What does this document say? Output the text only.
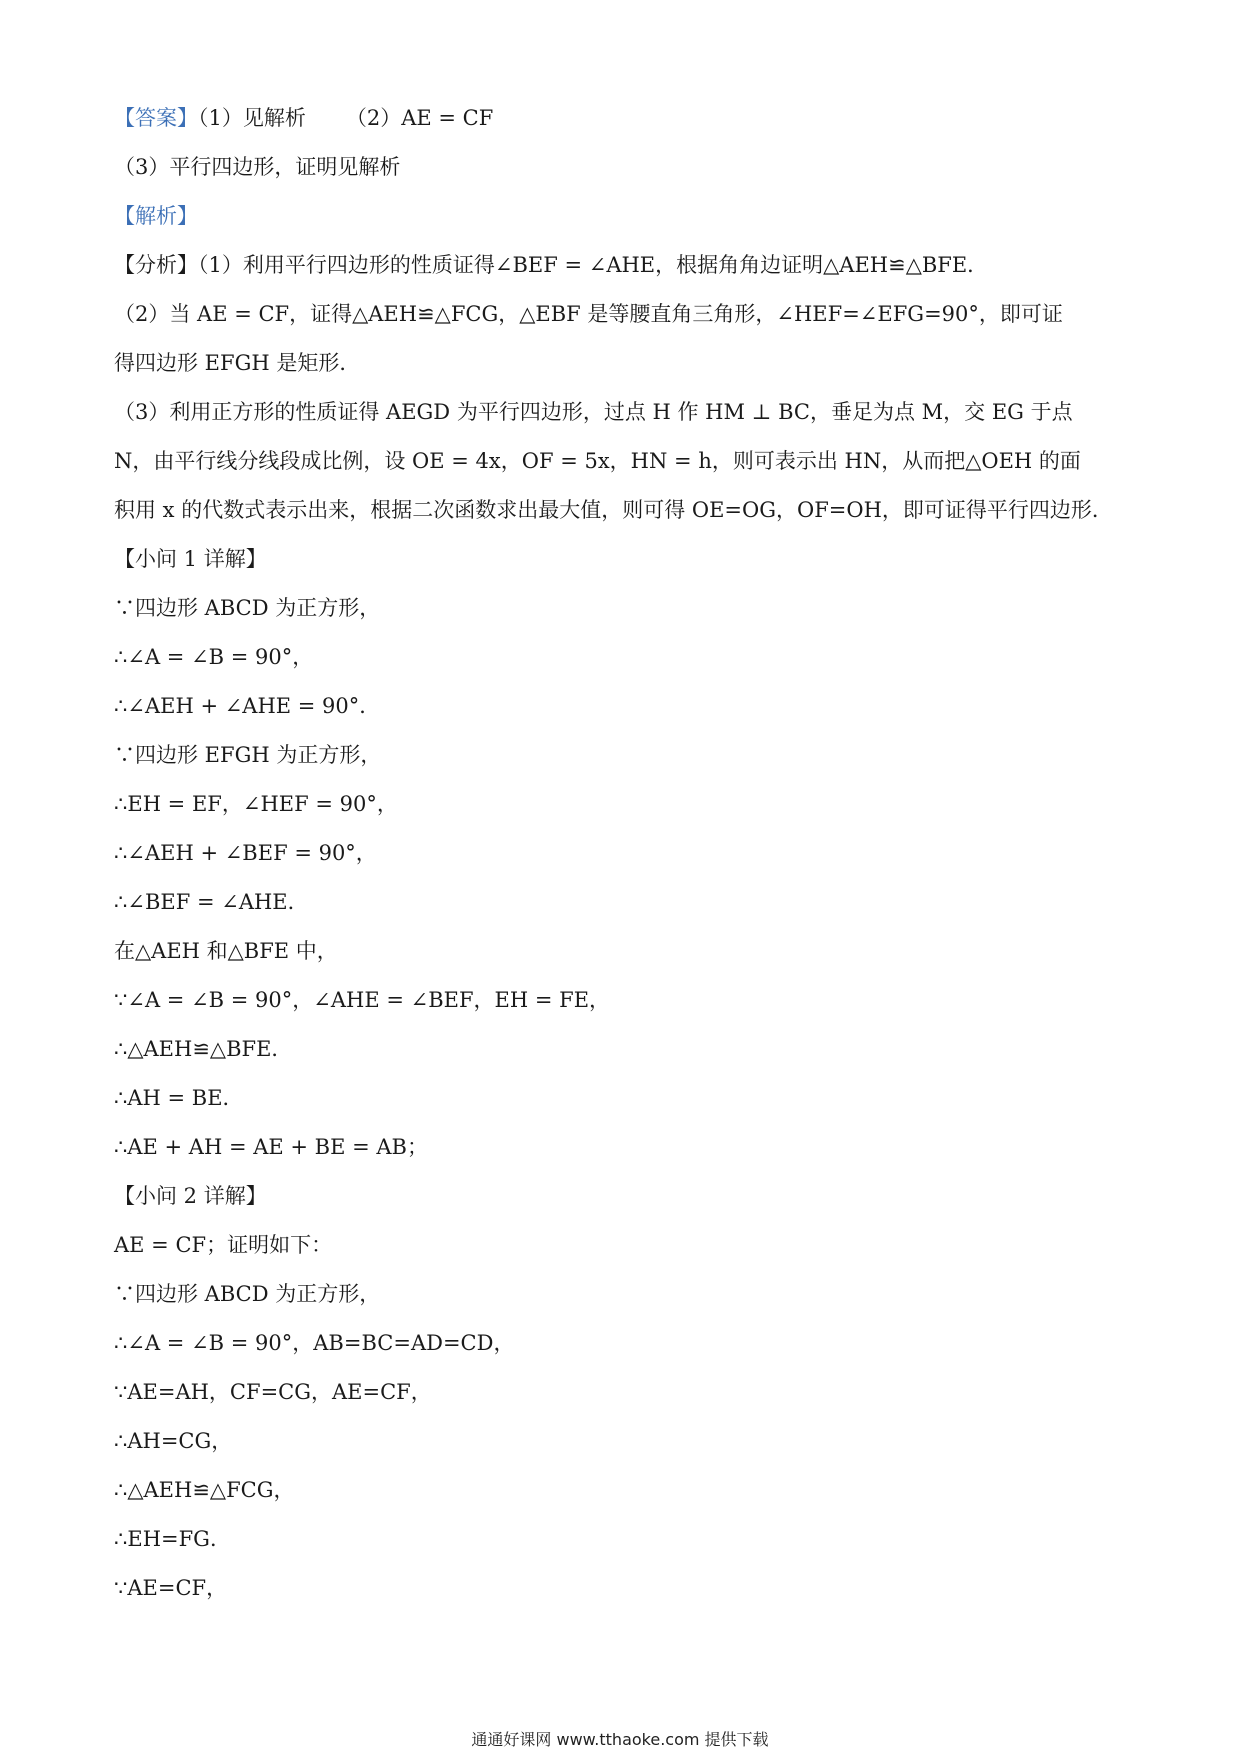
【答案】（1）见解析 （2）AE = CF
（3）平行四边形，证明见解析
【解析】
【分析】（1）利用平行四边形的性质证得∠BEF = ∠AHE，根据角角边证明△AEH≌△BFE．
（2）当 AE = CF，证得△AEH≌△FCG，△EBF 是等腰直角三角形，∠HEF=∠EFG=90°，即可证
得四边形 EFGH 是矩形．
（3）利用正方形的性质证得 AEGD 为平行四边形，过点 H 作 HM ⊥ BC，垂足为点 M，交 EG 于点
N，由平行线分线段成比例，设 OE = 4x，OF = 5x，HN = h，则可表示出 HN，从而把△OEH 的面
积用 x 的代数式表示出来，根据二次函数求出最大值，则可得 OE=OG，OF=OH，即可证得平行四边形．
【小问 1 详解】
∵四边形 ABCD 为正方形，
∴∠A = ∠B = 90°，
∴∠AEH + ∠AHE = 90°．
∵四边形 EFGH 为正方形，
∴EH = EF，∠HEF = 90°，
∴∠AEH + ∠BEF = 90°，
∴∠BEF = ∠AHE．
在△AEH 和△BFE 中，
∵∠A = ∠B = 90°，∠AHE = ∠BEF，EH = FE，
∴△AEH≌△BFE．
∴AH = BE．
∴AE + AH = AE + BE = AB；
【小问 2 详解】
AE = CF；证明如下：
∵四边形 ABCD 为正方形，
∴∠A = ∠B = 90°，AB=BC=AD=CD，
∵AE=AH，CF=CG，AE=CF，
∴AH=CG，
∴△AEH≌△FCG，
∴EH=FG．
∵AE=CF，
通通好课网 www.tthaoke.com 提供下载
